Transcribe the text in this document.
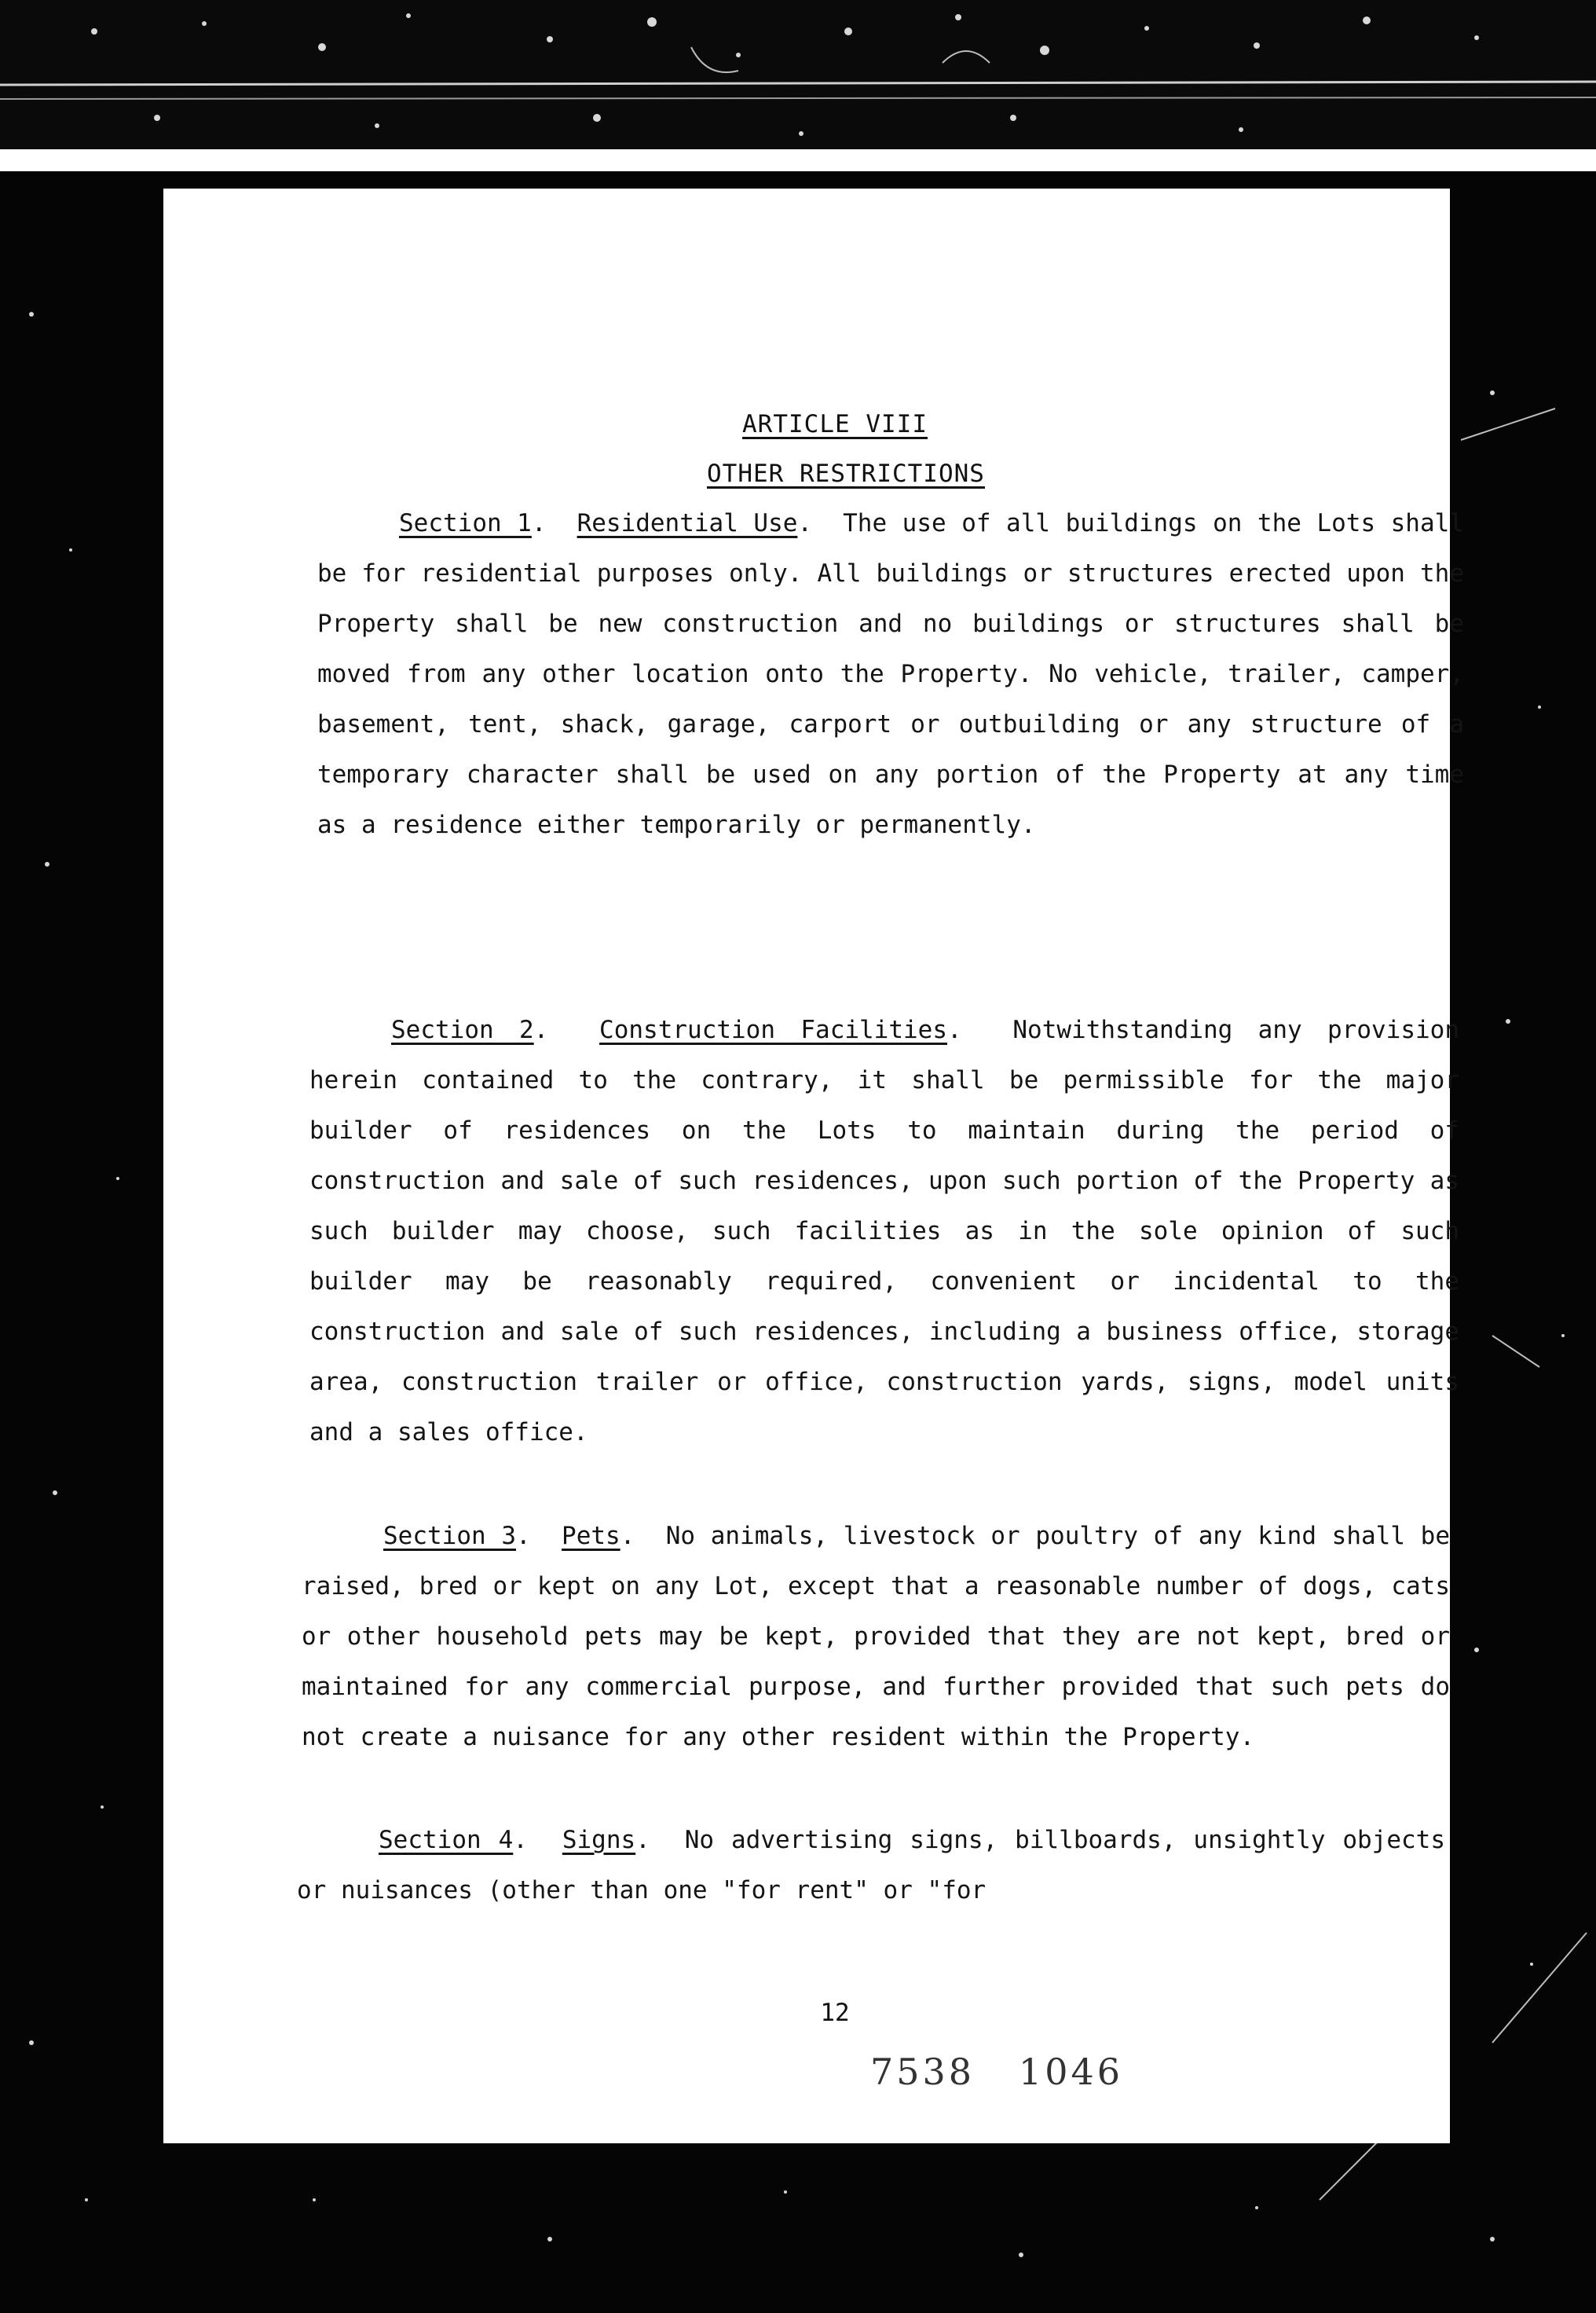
ARTICLE VIII
OTHER RESTRICTIONS

Section 1.  Residential Use.  The use of all buildings on the Lots shall be for residential purposes only. All buildings or structures erected upon the Property shall be new construction and no buildings or structures shall be moved from any other location onto the Property. No vehicle, trailer, camper, basement, tent, shack, garage, carport or outbuilding or any structure of a temporary character shall be used on any portion of the Property at any time as a residence either temporarily or permanently.

Section 2.  Construction Facilities.  Notwithstanding any provision herein contained to the contrary, it shall be permissible for the major builder of residences on the Lots to maintain during the period of construction and sale of such residences, upon such portion of the Property as such builder may choose, such facilities as in the sole opinion of such builder may be reasonably required, convenient or incidental to the construction and sale of such residences, including a business office, storage area, construction trailer or office, construction yards, signs, model units and a sales office.

Section 3.  Pets.  No animals, livestock or poultry of any kind shall be raised, bred or kept on any Lot, except that a reasonable number of dogs, cats or other household pets may be kept, provided that they are not kept, bred or maintained for any commercial purpose, and further provided that such pets do not create a nuisance for any other resident within the Property.

Section 4.  Signs.  No advertising signs, billboards, unsightly objects or nuisances (other than one "for rent" or "for

12
7538   1046
